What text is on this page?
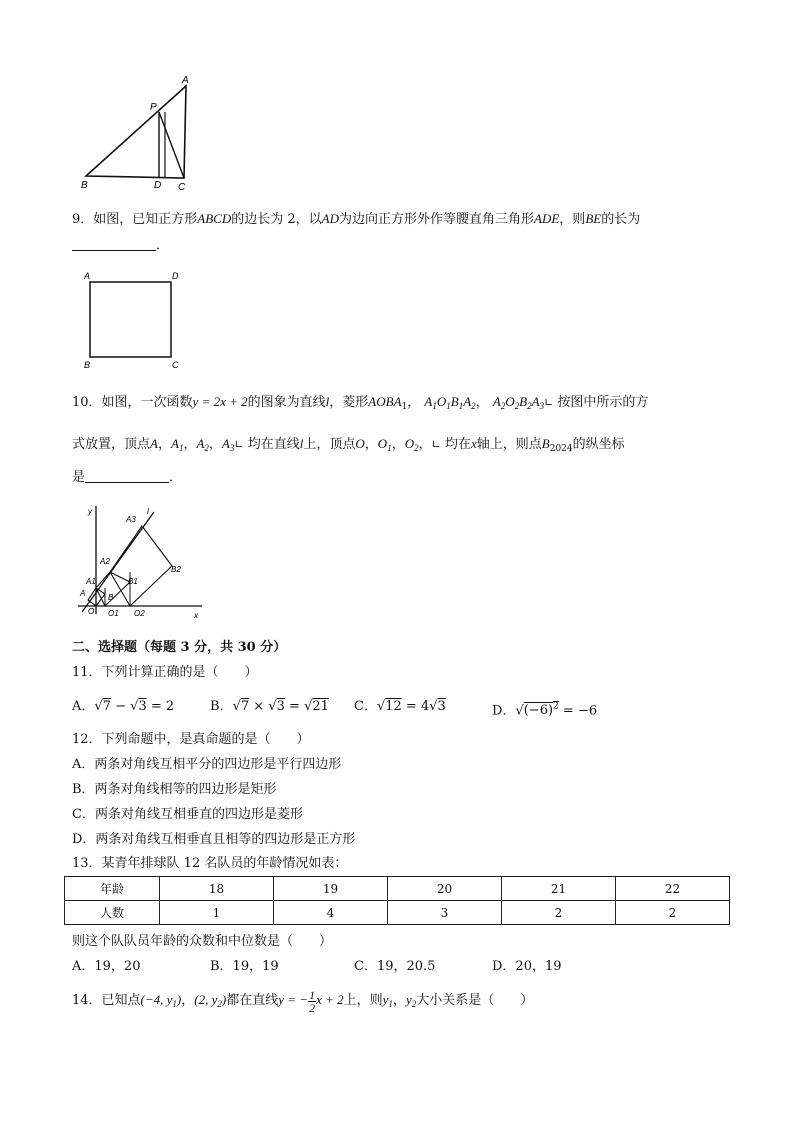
A
P
B	D C
9．如图，已知正方形ABCD的边长为 2，以AD为边向正方形外作等腰直角三角形ADE，则BE的长为
．
A	D
B	C
10．如图，一次函数y = 2x + 2的图象为直线l，菱形$AOBA_1$， $A_1O_1B_1A_2$， $A_2O_2B_2A_3∟$ 按图中所示的方
式放置，顶点A，$A_1$，$A_2$，$A_3∟$ 均在直线l上，顶点O，$O_1$，$O_2$，∟ 均在x轴上，则点$B_{2024}$的纵坐标
是	．
y
x
l
A3
A2
A1
A	B
B1
B2
O O1 O2
二、选择题（每题 3 分，共 30 分）
11．下列计算正确的是（　　）
A．√7 − √3 = 2	B．√7 × √3 = √21 C．√12 = 4√3	D．$√(-6)^2 = -6$
12．下列命题中，是真命题的是（　　）
A．两条对角线互相平分的四边形是平行四边形
B．两条对角线相等的四边形是矩形
C．两条对角线互相垂直的四边形是菱形
D．两条对角线互相垂直且相等的四边形是正方形
13．某青年排球队 12 名队员的年龄情况如表：
年龄	18	19	20	21	22
人数	1	4	3	2	2
则这个队队员年龄的众数和中位数是（　　）
A．19，20	B．19，19	C．19，20.5	D．20，19
14．已知点(−4, $y_1$)，(2, $y_2$)都在直线y = − $\frac{1}{2}$ x + 2上，则$y_1$，$y_2$大小关系是（　　）
